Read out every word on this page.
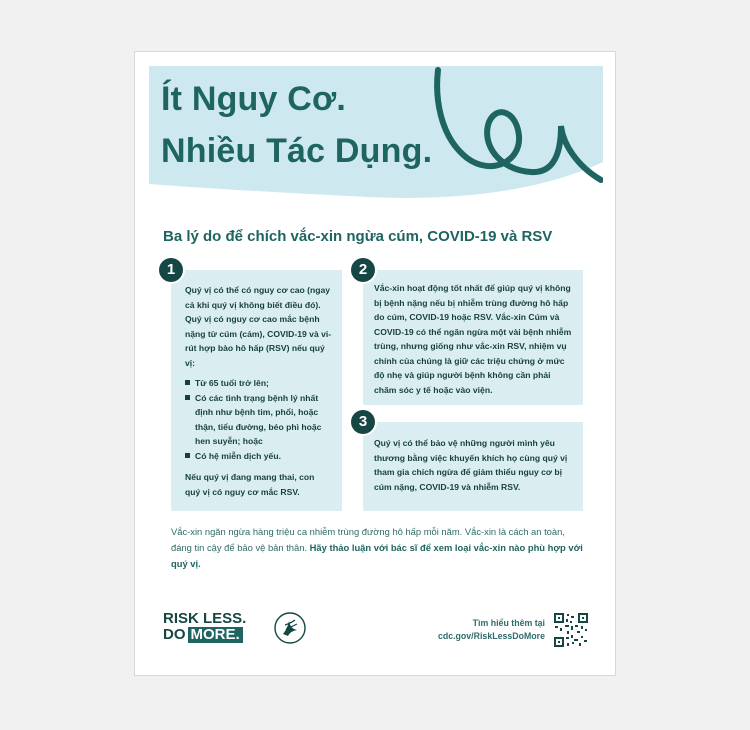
Ít Nguy Cơ.
Nhiều Tác Dụng.
Ba lý do để chích vắc-xin ngừa cúm, COVID-19 và RSV

Quý vị có thể có nguy cơ cao (ngay cả khi quý vị không biết điều đó). Quý vị có nguy cơ cao mắc bệnh nặng từ cúm (cảm), COVID-19 và vi-rút hợp bào hô hấp (RSV) nếu quý vị:

Từ 65 tuổi trở lên;
Có các tình trạng bệnh lý nhất định như bệnh tim, phổi, hoặc thận, tiểu đường, béo phì hoặc hen suyễn; hoặc
Có hệ miễn dịch yếu.

Nếu quý vị đang mang thai, con quý vị có nguy cơ mắc RSV.

1

Vắc-xin hoạt động tốt nhất để giúp quý vị không bị bệnh nặng nếu bị nhiễm trùng đường hô hấp do cúm, COVID-19 hoặc RSV. Vắc-xin Cúm và COVID-19 có thể ngăn ngừa một vài bệnh nhiễm trùng, nhưng giống như vắc-xin RSV, nhiệm vụ chính của chúng là giữ các triệu chứng ở mức độ nhẹ và giúp người bệnh không cần phải chăm sóc y tế hoặc vào viện.

2

Quý vị có thể bảo vệ những người mình yêu thương bằng việc khuyến khích họ cùng quý vị tham gia chích ngừa để giảm thiểu nguy cơ bị cúm nặng, COVID-19 và nhiễm RSV.

3

Vắc-xin ngăn ngừa hàng triệu ca nhiễm trùng đường hô hấp mỗi năm. Vắc-xin là cách an toàn, đáng tin cậy để bảo vệ bản thân. Hãy thảo luận với bác sĩ để xem loại vắc-xin nào phù hợp với quý vị.

RISK LESS.
DO MORE.
Tìm hiểu thêm tại
cdc.gov/RiskLessDoMore
